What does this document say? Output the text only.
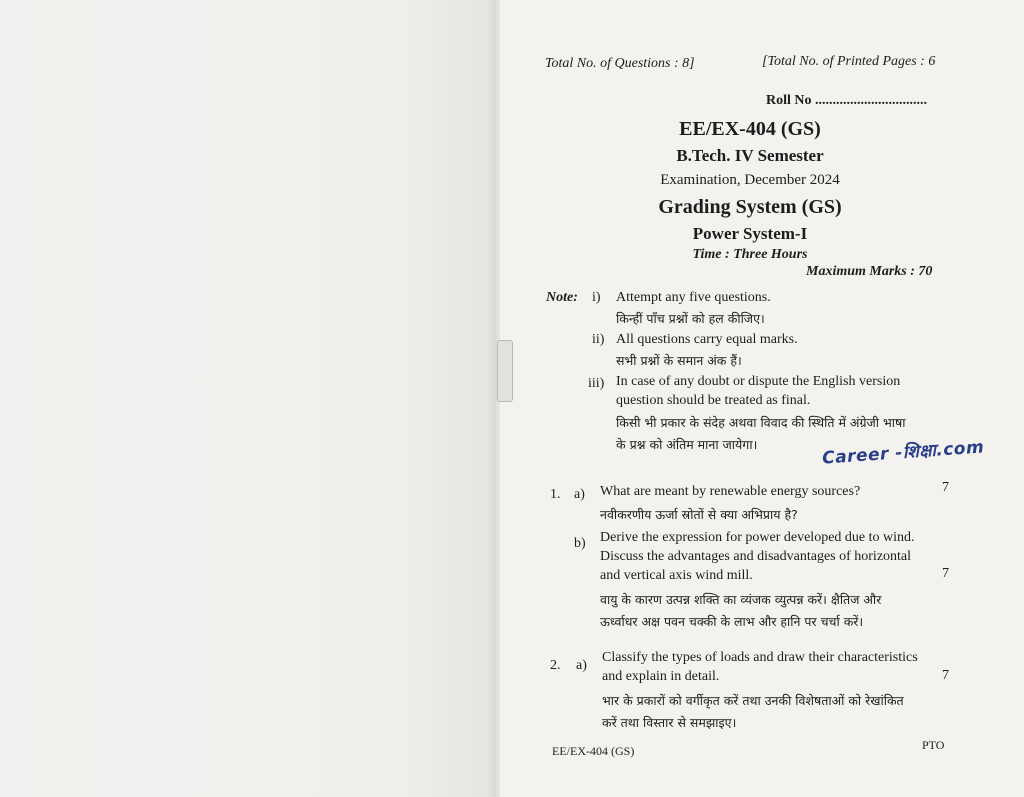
Total No. of Questions : 8]	[Total No. of Printed Pages : 6
Roll No ................................
EE/EX-404 (GS)
B.Tech. IV Semester
Examination, December 2024
Grading System (GS)
Power System-I
Time : Three Hours
Maximum Marks : 70
Note: i) Attempt any five questions.
किन्हीं पाँच प्रश्नों को हल कीजिए।
ii) All questions carry equal marks.
सभी प्रश्नों के समान अंक हैं।
iii) In case of any doubt or dispute the English version
question should be treated as final.
किसी भी प्रकार के संदेह अथवा विवाद की स्थिति में अंग्रेजी भाषा
के प्रश्न को अंतिम माना जायेगा।	Career -शिक्षा.com
1. a) What are meant by renewable energy sources?	7
नवीकरणीय ऊर्जा स्रोतों से क्या अभिप्राय है?
b) Derive the expression for power developed due to wind.
Discuss the advantages and disadvantages of horizontal
and vertical axis wind mill.	7
वायु के कारण उत्पन्न शक्ति का व्यंजक व्युत्पन्न करें। क्षैतिज और
ऊर्ध्वाधर अक्ष पवन चक्की के लाभ और हानि पर चर्चा करें।
2. a)
Classify the types of loads and draw their characteristics
and explain in detail.	7
भार के प्रकारों को वर्गीकृत करें तथा उनकी विशेषताओं को रेखांकित
करें तथा विस्तार से समझाइए।
EE/EX-404 (GS)	PTO
